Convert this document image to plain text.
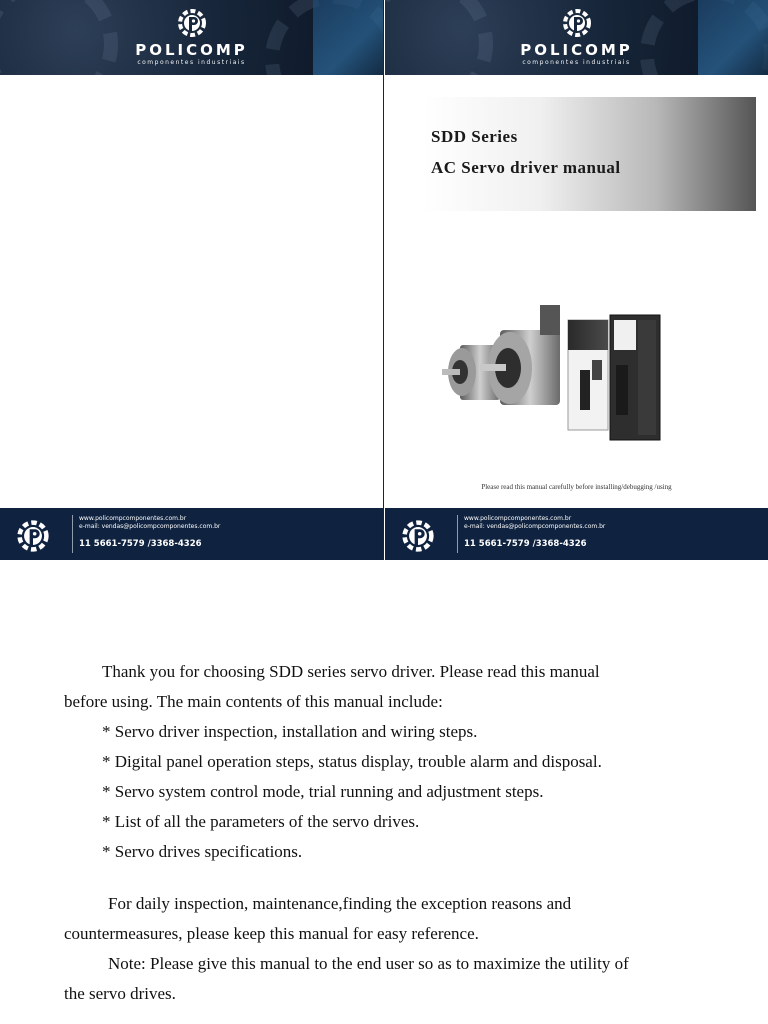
POLICOMP
componentes industriais
www.policompcomponentes.com.br
e-mail: vendas@policompcomponentes.com.br
11 5661-7579 /3368-4326
POLICOMP
componentes industriais
SDD Series
AC Servo driver manual
Please read this manual carefully before installing/debugging /using
www.policompcomponentes.com.br
e-mail: vendas@policompcomponentes.com.br
11 5661-7579 /3368-4326

Thank you for choosing SDD series servo driver. Please read this manual

before using. The main contents of this manual include:

* Servo driver inspection, installation and wiring steps.

* Digital panel operation steps, status display, trouble alarm and disposal.

* Servo system control mode, trial running and adjustment steps.

* List of all the parameters of the servo drives.

* Servo drives specifications.

For daily inspection, maintenance,finding the exception reasons and

countermeasures, please keep this manual for easy reference.

Note: Please give this manual to the end user so as to maximize the utility of

the servo drives.
